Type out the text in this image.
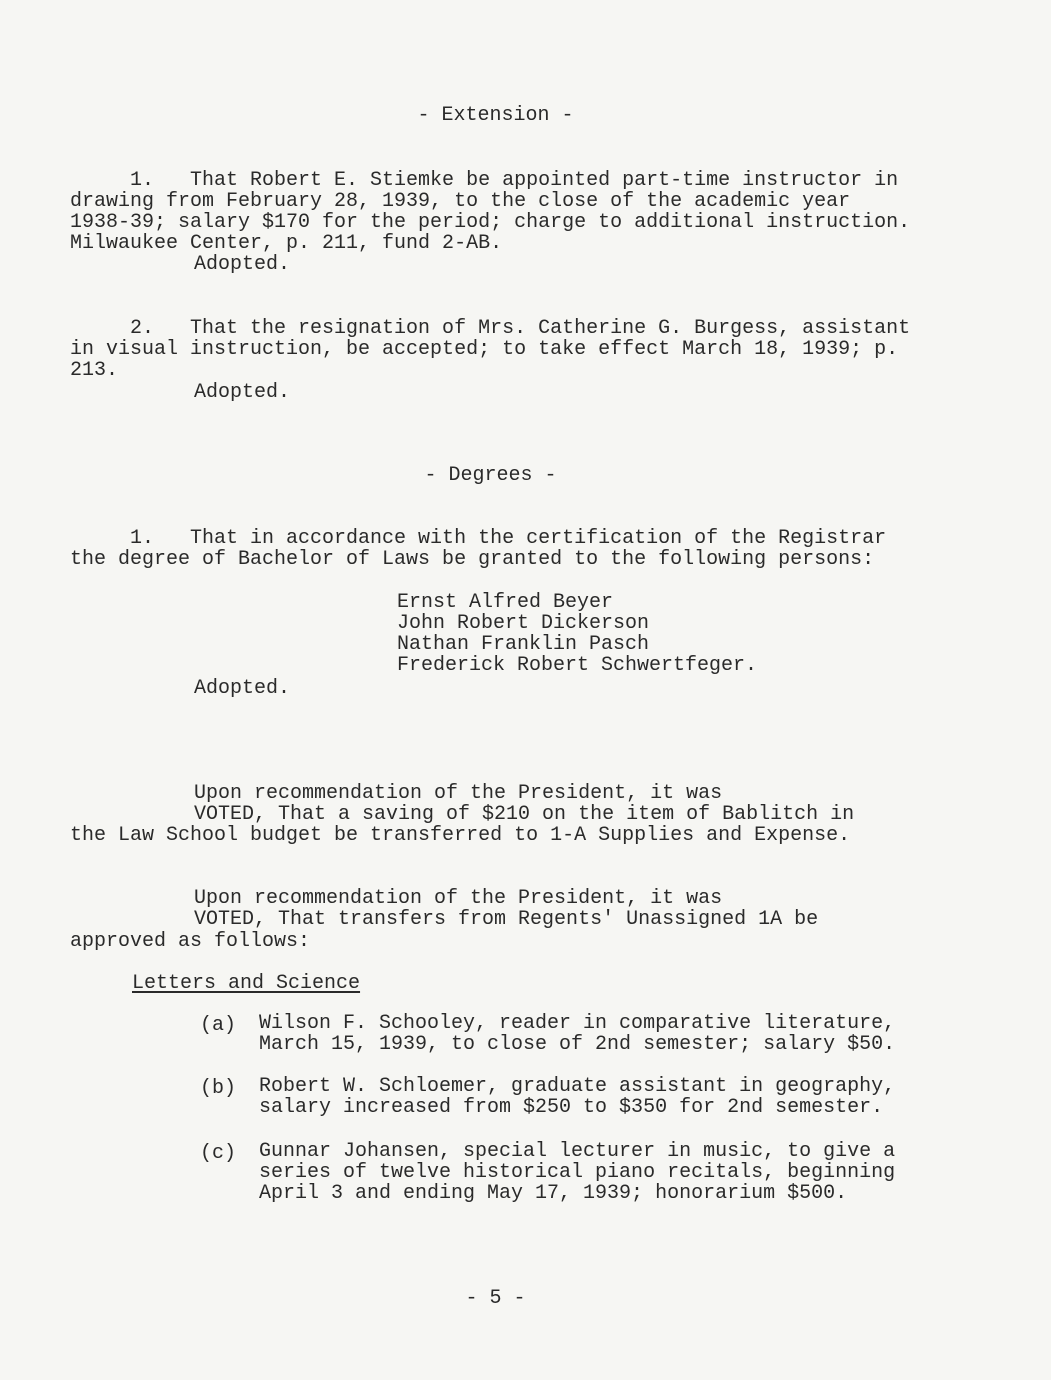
- Extension -
1.   That Robert E. Stiemke be appointed part-time instructor in
drawing from February 28, 1939, to the close of the academic year
1938-39; salary $170 for the period; charge to additional instruction.
Milwaukee Center, p. 211, fund 2-AB.
Adopted.
2.   That the resignation of Mrs. Catherine G. Burgess, assistant
in visual instruction, be accepted; to take effect March 18, 1939; p.
213.
Adopted.
- Degrees -
1.   That in accordance with the certification of the Registrar
the degree of Bachelor of Laws be granted to the following persons:
Ernst Alfred Beyer
John Robert Dickerson
Nathan Franklin Pasch
Frederick Robert Schwertfeger.
Adopted.
Upon recommendation of the President, it was
VOTED, That a saving of $210 on the item of Bablitch in
the Law School budget be transferred to 1-A Supplies and Expense.
Upon recommendation of the President, it was
VOTED, That transfers from Regents' Unassigned 1A be
approved as follows:
Letters and Science
(a) Wilson F. Schooley, reader in comparative literature,
March 15, 1939, to close of 2nd semester; salary $50.
(b) Robert W. Schloemer, graduate assistant in geography,
salary increased from $250 to $350 for 2nd semester.
(c) Gunnar Johansen, special lecturer in music, to give a
series of twelve historical piano recitals, beginning
April 3 and ending May 17, 1939; honorarium $500.
- 5 -
